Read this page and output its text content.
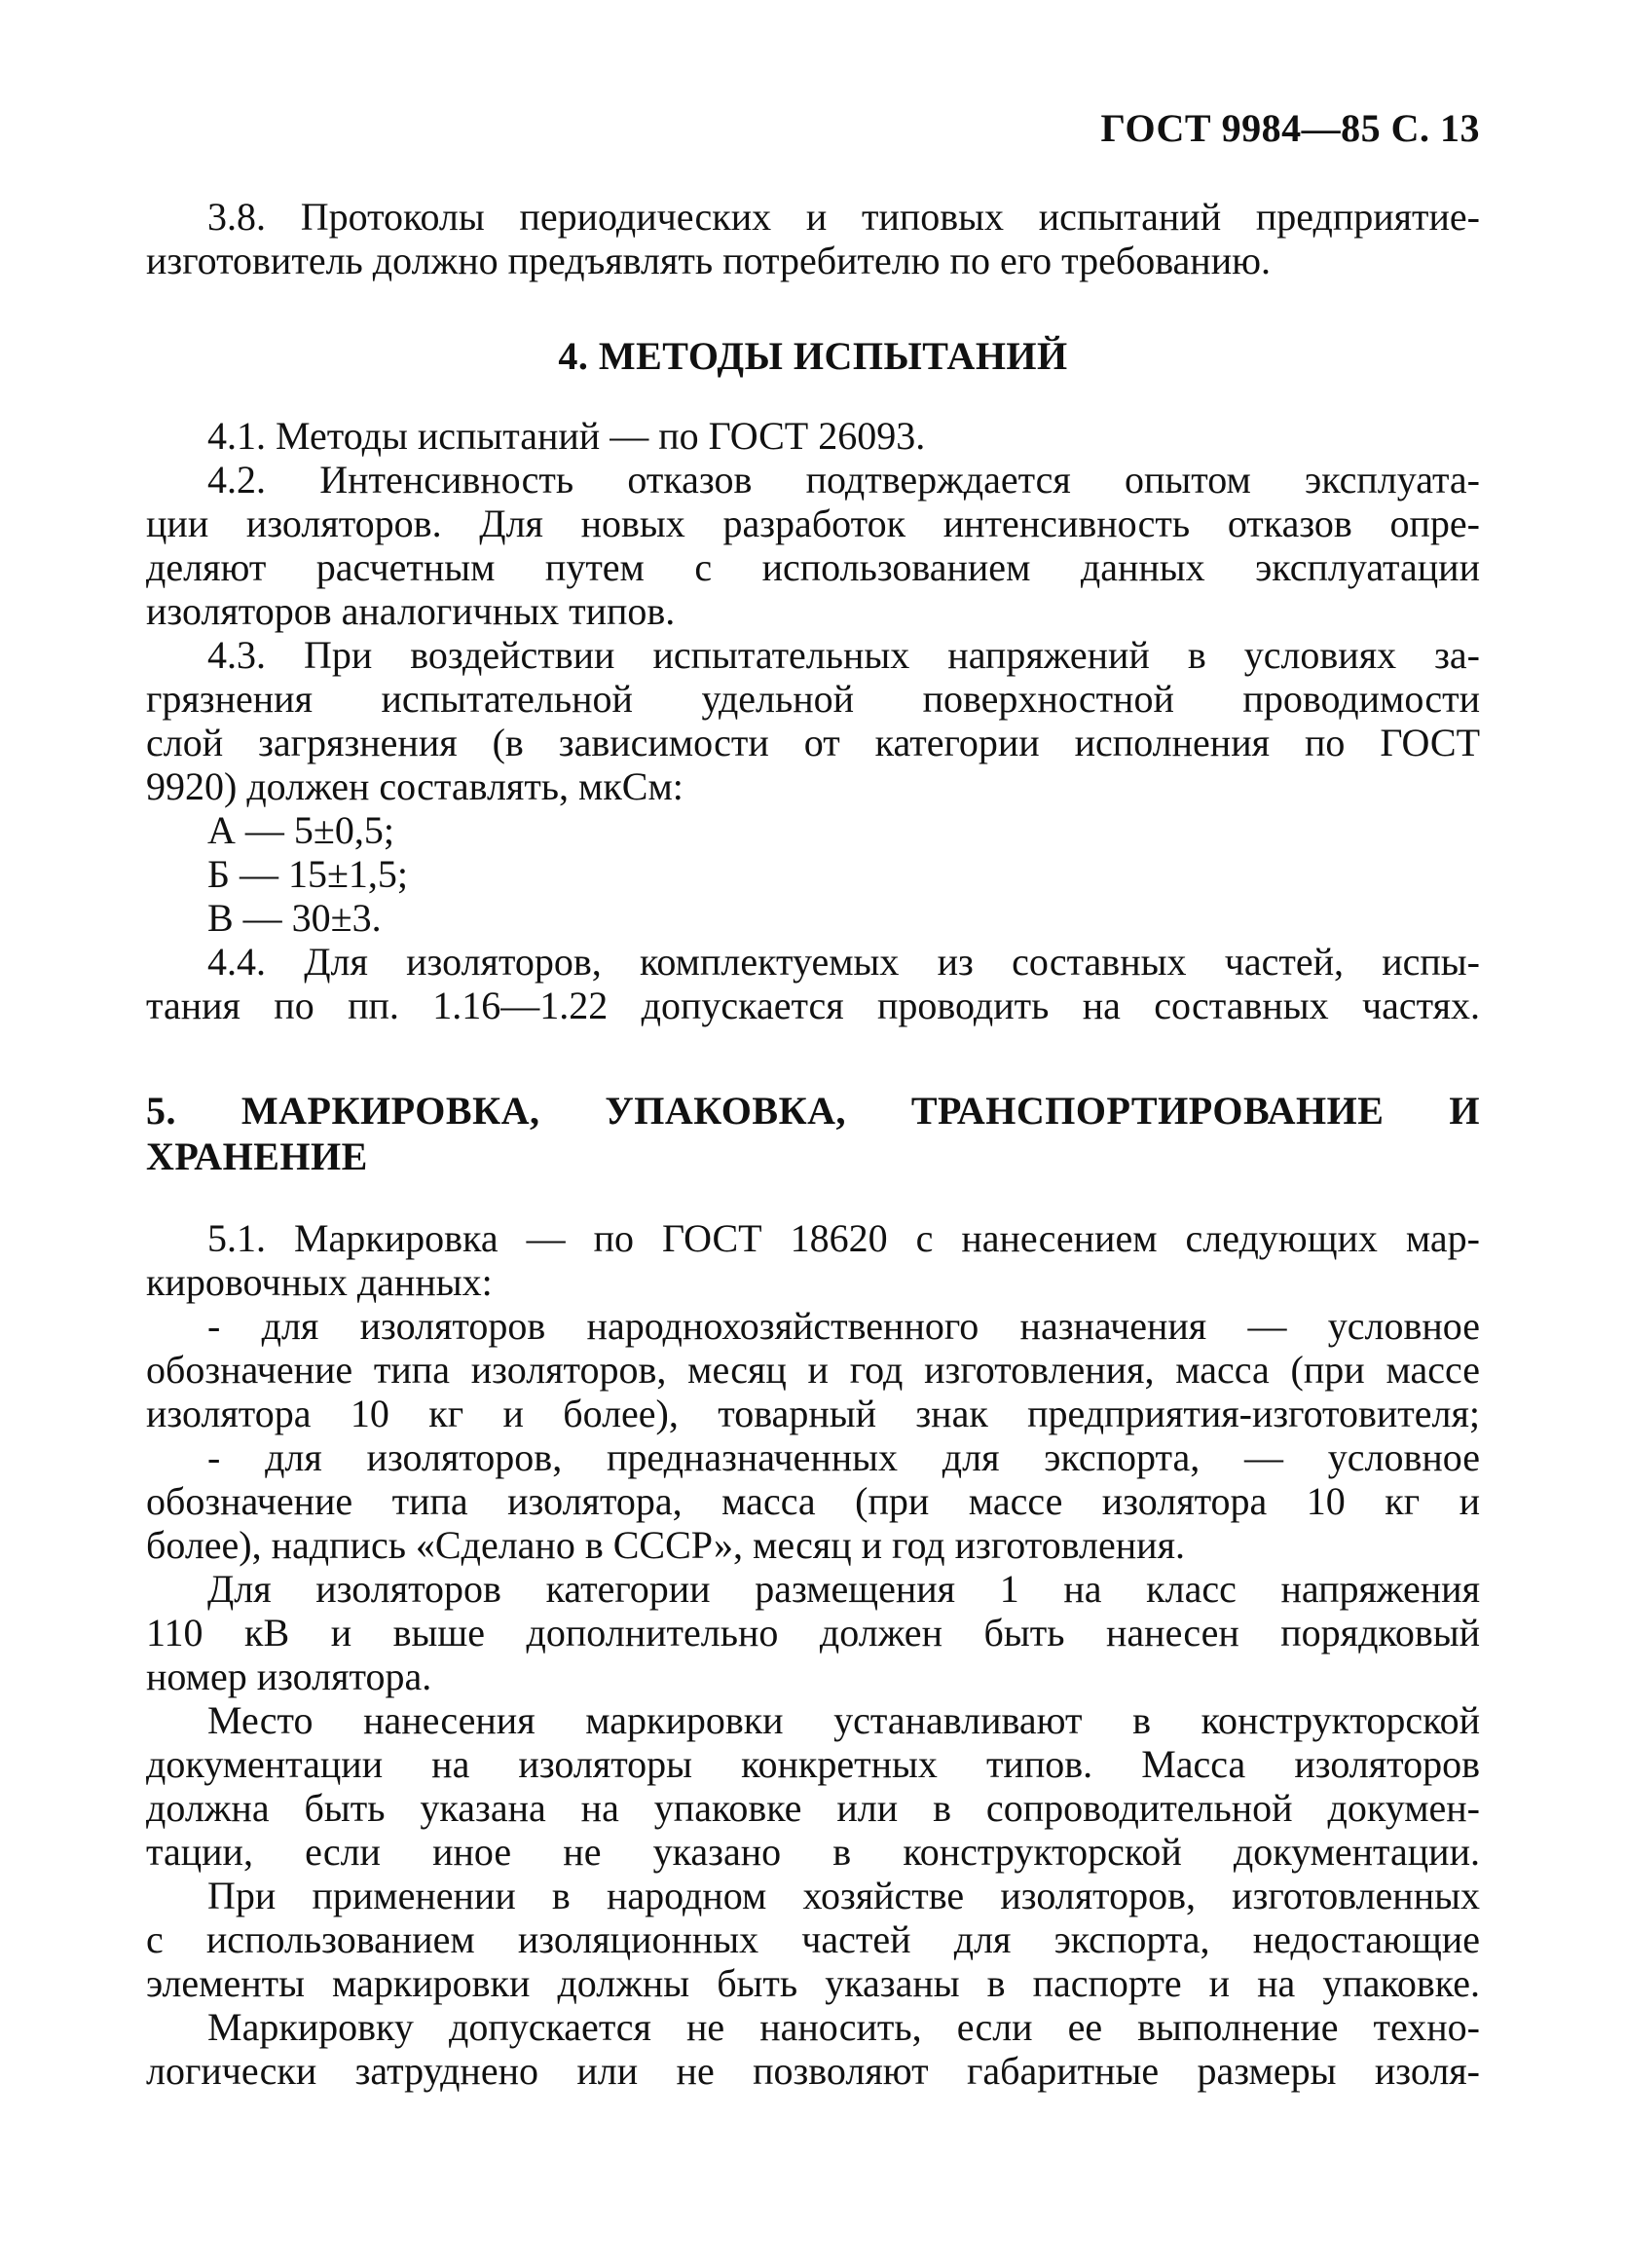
ГОСТ 9984—85 С. 13
3.8. Протоколы периодических и типовых испытаний предприятие-
изготовитель должно предъявлять потребителю по его требованию.
4. МЕТОДЫ ИСПЫТАНИЙ
4.1. Методы испытаний — по ГОСТ 26093.
4.2. Интенсивность отказов подтверждается опытом эксплуата-
ции изоляторов. Для новых разработок интенсивность отказов опре-
деляют расчетным путем с использованием данных эксплуатации
изоляторов аналогичных типов.
4.3. При воздействии испытательных напряжений в условиях за-
грязнения испытательной удельной поверхностной проводимости
слой загрязнения (в зависимости от категории исполнения по ГОСТ
9920) должен составлять, мкСм:
А — 5±0,5;
Б — 15±1,5;
В — 30±3.
4.4. Для изоляторов, комплектуемых из составных частей, испы-
тания по пп. 1.16—1.22 допускается проводить на составных частях.
5. МАРКИРОВКА, УПАКОВКА, ТРАНСПОРТИРОВАНИЕ И ХРАНЕНИЕ
5.1. Маркировка — по ГОСТ 18620 с нанесением следующих мар-
кировочных данных:
- для изоляторов народнохозяйственного назначения — условное
обозначение типа изоляторов, месяц и год изготовления, масса (при массе
изолятора 10 кг и более), товарный знак предприятия-изготовителя;
- для изоляторов, предназначенных для экспорта, — условное
обозначение типа изолятора, масса (при массе изолятора 10 кг и
более), надпись «Сделано в СССР», месяц и год изготовления.
Для изоляторов категории размещения 1 на класс напряжения
110 кВ и выше дополнительно должен быть нанесен порядковый
номер изолятора.
Место нанесения маркировки устанавливают в конструкторской
документации на изоляторы конкретных типов. Масса изоляторов
должна быть указана на упаковке или в сопроводительной докумен-
тации, если иное не указано в конструкторской документации.
При применении в народном хозяйстве изоляторов, изготовленных
с использованием изоляционных частей для экспорта, недостающие
элементы маркировки должны быть указаны в паспорте и на упаковке.
Маркировку допускается не наносить, если ее выполнение техно-
логически затруднено или не позволяют габаритные размеры изоля-
